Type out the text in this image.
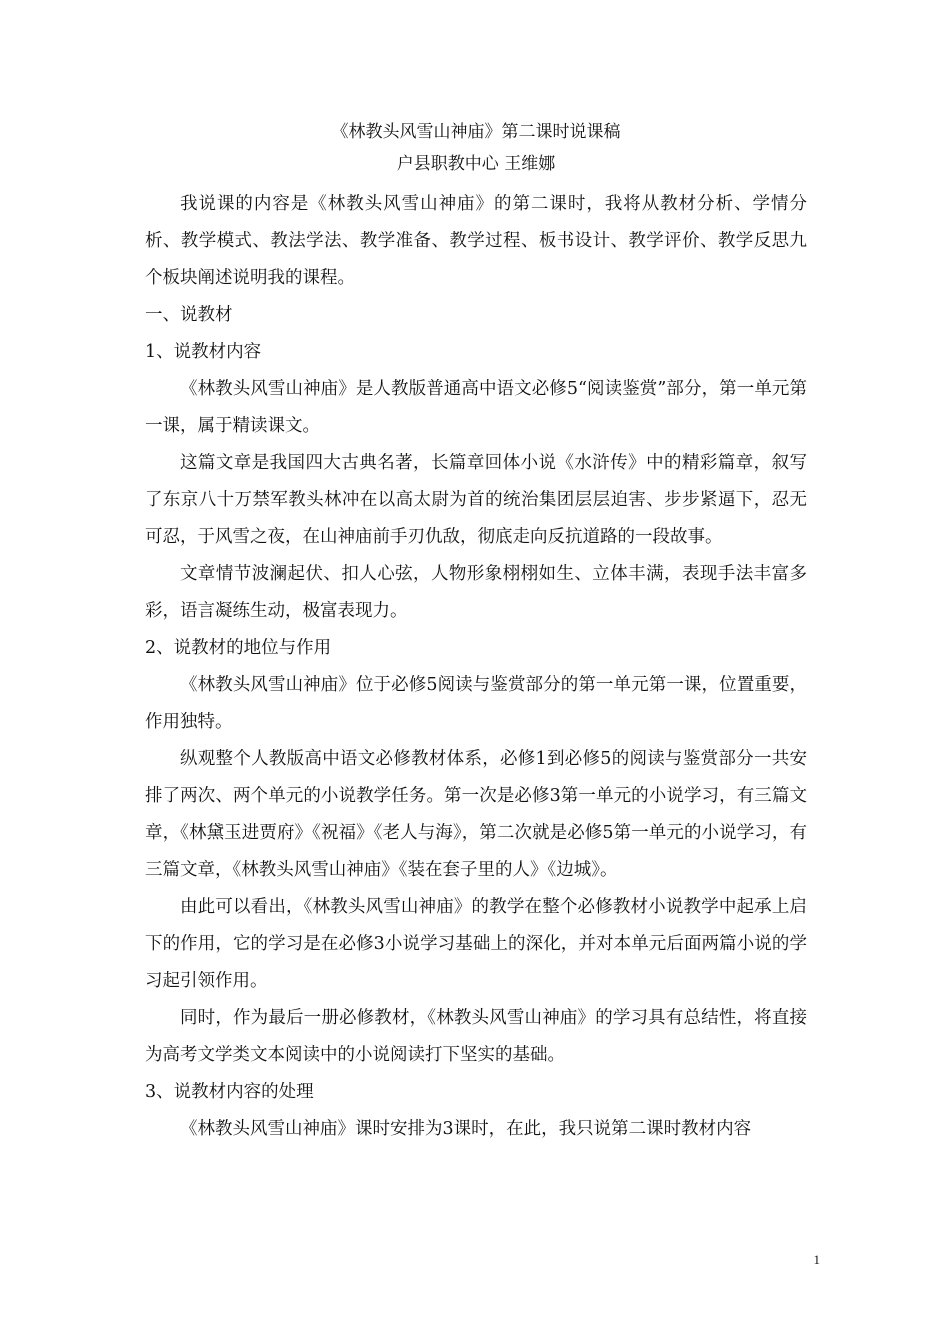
《林教头风雪山神庙》第二课时说课稿

户县职教中心 王维娜

我说课的内容是《林教头风雪山神庙》的第二课时，我将从教材分析、学情分析、教学模式、教法学法、教学准备、教学过程、板书设计、教学评价、教学反思九个板块阐述说明我的课程。

一、说教材

1、说教材内容

《林教头风雪山神庙》是人教版普通高中语文必修5“阅读鉴赏”部分，第一单元第一课，属于精读课文。

这篇文章是我国四大古典名著，长篇章回体小说《水浒传》中的精彩篇章，叙写了东京八十万禁军教头林冲在以高太尉为首的统治集团层层迫害、步步紧逼下，忍无可忍，于风雪之夜，在山神庙前手刃仇敌，彻底走向反抗道路的一段故事。

文章情节波澜起伏、扣人心弦，人物形象栩栩如生、立体丰满，表现手法丰富多彩，语言凝练生动，极富表现力。

2、说教材的地位与作用

《林教头风雪山神庙》位于必修5阅读与鉴赏部分的第一单元第一课，位置重要，作用独特。

纵观整个人教版高中语文必修教材体系，必修1到必修5的阅读与鉴赏部分一共安排了两次、两个单元的小说教学任务。第一次是必修3第一单元的小说学习，有三篇文章，《林黛玉进贾府》《祝福》《老人与海》，第二次就是必修5第一单元的小说学习，有三篇文章，《林教头风雪山神庙》《装在套子里的人》《边城》。

由此可以看出，《林教头风雪山神庙》的教学在整个必修教材小说教学中起承上启下的作用，它的学习是在必修3小说学习基础上的深化，并对本单元后面两篇小说的学习起引领作用。

同时，作为最后一册必修教材，《林教头风雪山神庙》的学习具有总结性，将直接为高考文学类文本阅读中的小说阅读打下坚实的基础。

3、说教材内容的处理

《林教头风雪山神庙》课时安排为3课时，在此，我只说第二课时教材内容

1
